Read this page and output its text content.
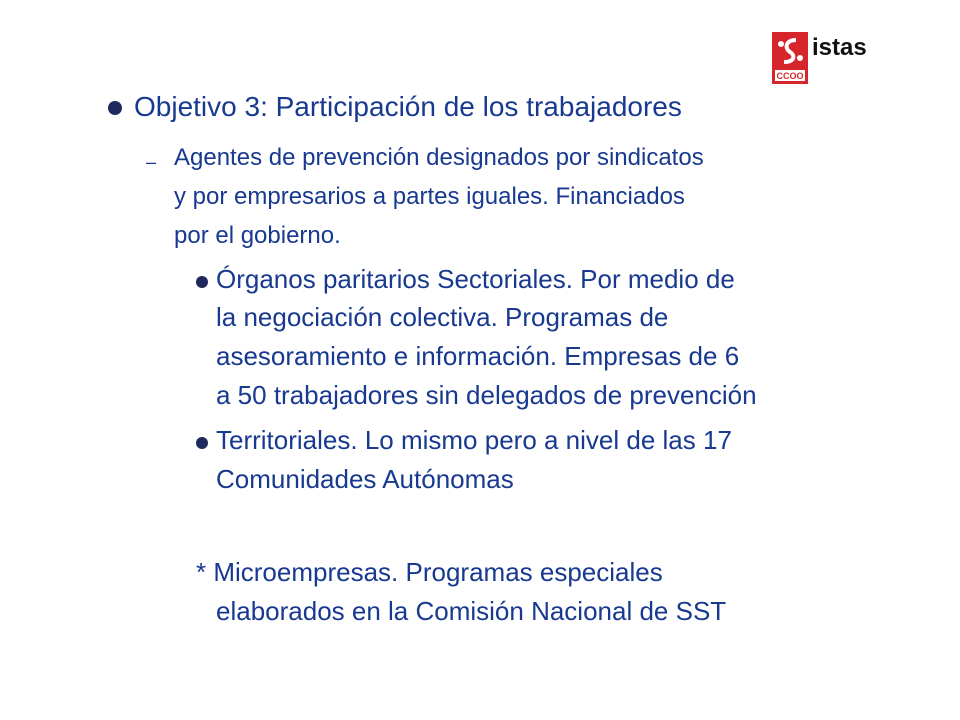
CCOO
istas
Objetivo 3: Participación de los trabajadores
– Agentes de prevención designados por sindicatos
y por empresarios a partes iguales. Financiados
por el gobierno.
Órganos paritarios Sectoriales. Por medio de
la negociación colectiva. Programas de
asesoramiento e información. Empresas de 6
a 50 trabajadores sin delegados de prevención
Territoriales. Lo mismo pero a nivel de las 17
Comunidades Autónomas
* Microempresas. Programas especiales
elaborados en la Comisión Nacional de SST
